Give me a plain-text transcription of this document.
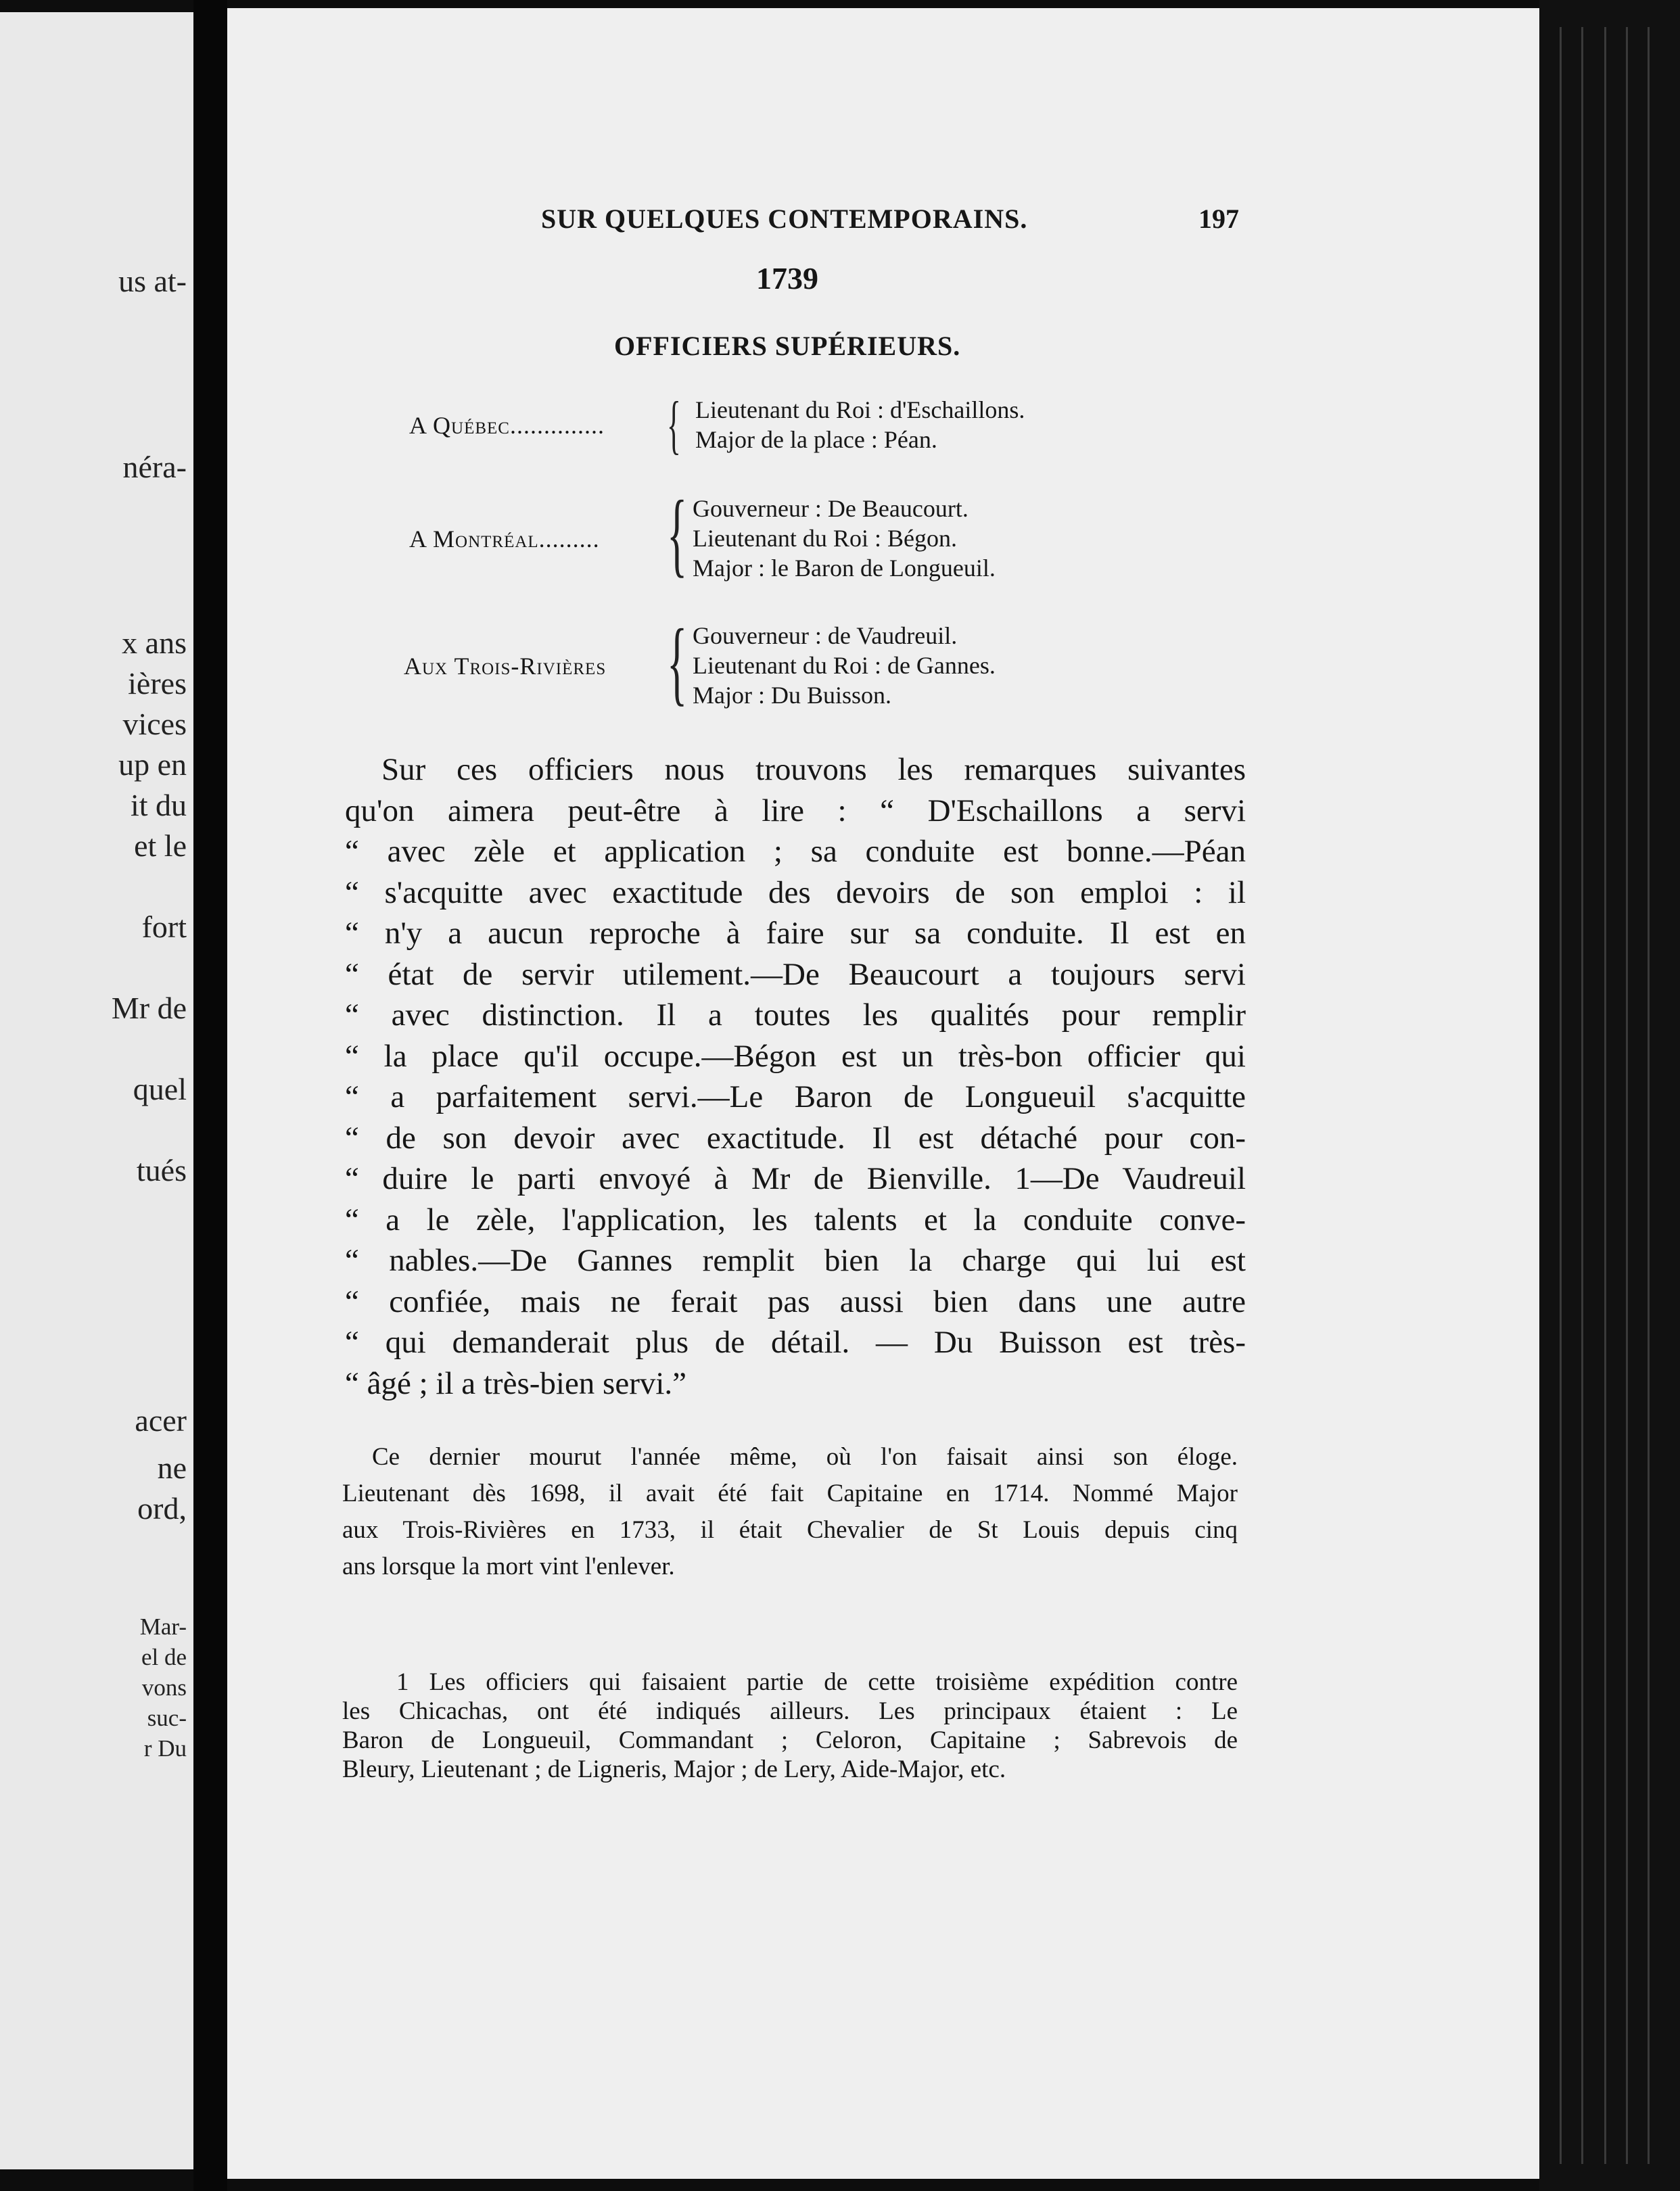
us at-
néra-
x ans
ières
vices
up en
it du
et le
fort
Mr de
quel
tués
acer
ne
ord,
Mar-
el de
vons
suc-
r Du
SUR QUELQUES CONTEMPORAINS.	197
1739
OFFICIERS SUPÉRIEURS.
A Québec.............. { Lieutenant du Roi : d'Eschaillons.
Major de la place : Péan.
A Montréal......... { Gouverneur : De Beaucourt.
Lieutenant du Roi : Bégon.
Major : le Baron de Longueuil.
Aux Trois-Rivières { Gouverneur : de Vaudreuil.
Lieutenant du Roi : de Gannes.
Major : Du Buisson.
Sur ces officiers nous trouvons les remarques suivantes
qu'on aimera peut-être à lire : “ D'Eschaillons a servi
“ avec zèle et application ; sa conduite est bonne.—Péan
“ s'acquitte avec exactitude des devoirs de son emploi : il
“ n'y a aucun reproche à faire sur sa conduite. Il est en
“ état de servir utilement.—De Beaucourt a toujours servi
“ avec distinction. Il a toutes les qualités pour remplir
“ la place qu'il occupe.—Bégon est un très-bon officier qui
“ a parfaitement servi.—Le Baron de Longueuil s'acquitte
“ de son devoir avec exactitude. Il est détaché pour con-
“ duire le parti envoyé à Mr de Bienville. 1—De Vaudreuil
“ a le zèle, l'application, les talents et la conduite conve-
“ nables.—De Gannes remplit bien la charge qui lui est
“ confiée, mais ne ferait pas aussi bien dans une autre
“ qui demanderait plus de détail. — Du Buisson est très-
“ âgé ; il a très-bien servi.”
Ce dernier mourut l'année même, où l'on faisait ainsi son éloge.
Lieutenant dès 1698, il avait été fait Capitaine en 1714. Nommé Major
aux Trois-Rivières en 1733, il était Chevalier de St Louis depuis cinq
ans lorsque la mort vint l'enlever.
1 Les officiers qui faisaient partie de cette troisième expédition contre
les Chicachas, ont été indiqués ailleurs. Les principaux étaient : Le
Baron de Longueuil, Commandant ; Celoron, Capitaine ; Sabrevois de
Bleury, Lieutenant ; de Ligneris, Major ; de Lery, Aide-Major, etc.
